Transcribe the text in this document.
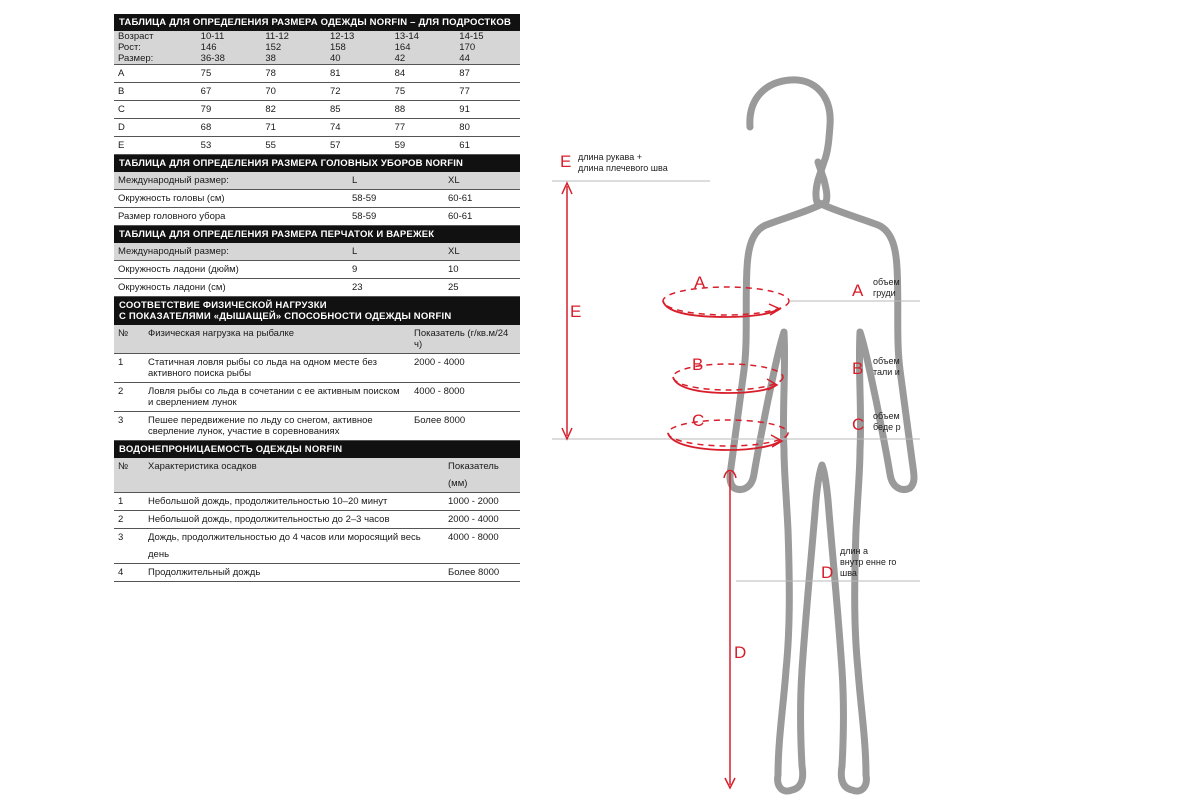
ТАБЛИЦА ДЛЯ ОПРЕДЕЛЕНИЯ РАЗМЕРА ОДЕЖДЫ NORFIN – ДЛЯ ПОДРОСТКОВ
Возраст	10-11	11-12	12-13	13-14	14-15
Рост:	146	152	158	164	170
Размер:	36-38	38	40	42	44
A	75	78	81	84	87
B	67	70	72	75	77
C	79	82	85	88	91
D	68	71	74	77	80
E	53	55	57	59	61
ТАБЛИЦА ДЛЯ ОПРЕДЕЛЕНИЯ РАЗМЕРА ГОЛОВНЫХ УБОРОВ NORFIN
Международный размер:	L	XL
Окружность головы (см)	58-59	60-61
Размер головного убора	58-59	60-61
ТАБЛИЦА ДЛЯ ОПРЕДЕЛЕНИЯ РАЗМЕРА ПЕРЧАТОК И ВАРЕЖЕК
Международный размер:	L	XL
Окружность ладони (дюйм)	9	10
Окружность ладони (см)	23	25
СООТВЕТСТВИЕ ФИЗИЧЕСКОЙ НАГРУЗКИ
С ПОКАЗАТЕЛЯМИ «ДЫШАЩЕЙ» СПОСОБНОСТИ ОДЕЖДЫ NORFIN
№	Физическая нагрузка на рыбалке	Показатель (г/кв.м/24 ч)
1	Статичная ловля рыбы со льда на одном месте без активного поиска рыбы	2000 - 4000
2	Ловля рыбы со льда в сочетании с ее активным поиском и сверлением лунок	4000 - 8000
3	Пешее передвижение по льду со снегом, активное сверление лунок, участие в соревнованиях	Более 8000
ВОДОНЕПРОНИЦАЕМОСТЬ ОДЕЖДЫ NORFIN
№	Характеристика осадков	Показатель (мм)
1	Небольшой дождь, продолжительностью 10–20 минут	1000 - 2000
2	Небольшой дождь, продолжительностью до 2–3 часов	2000 - 4000
3	Дождь, продолжительностью до 4 часов или моросящий весь день	4000 - 8000
4	Продолжительный дождь	Более 8000
E длина рукава +
длина плечевого шва
E
A	A объем
груди
B	B объем
тали и
C	C объем
беде р
D
длин а
внутр енне го
шва
D
